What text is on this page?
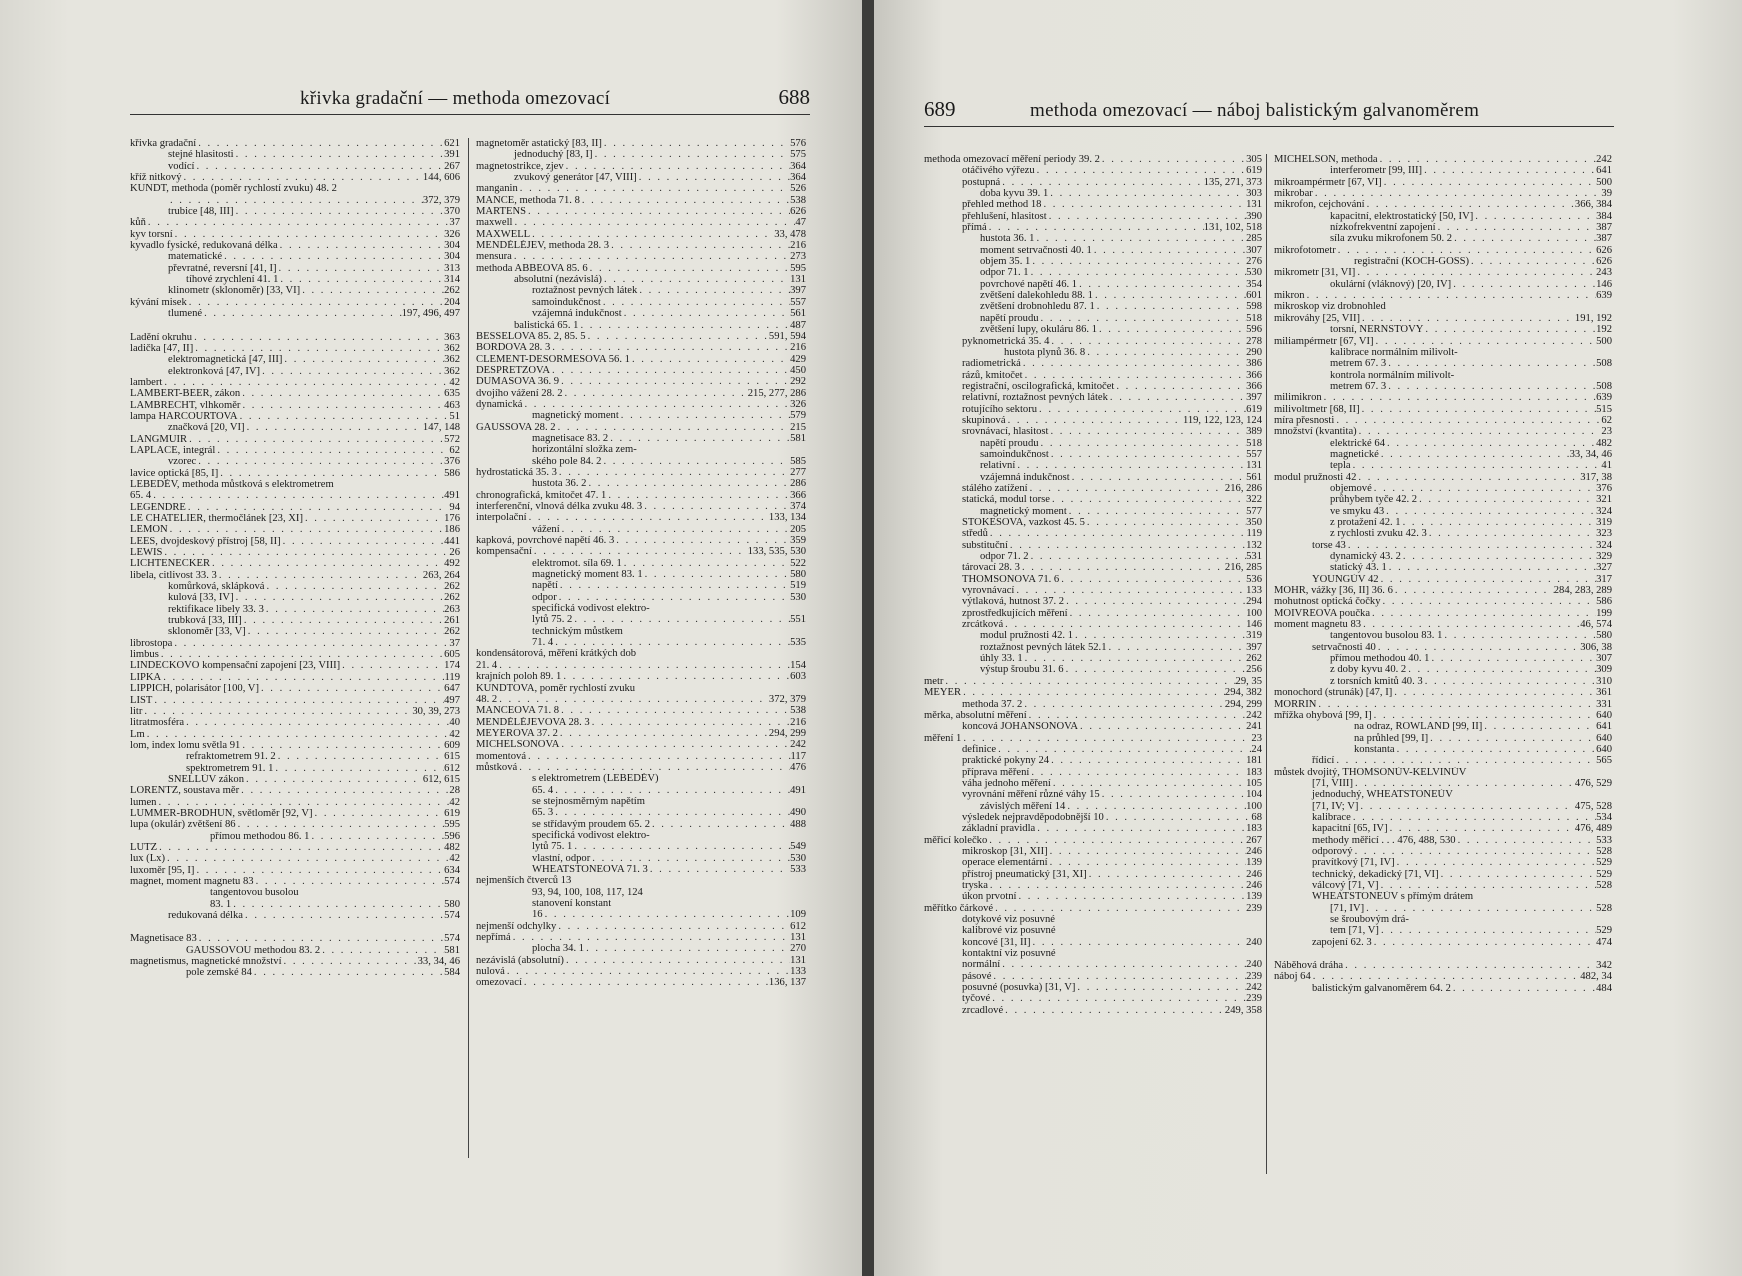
křivka gradační — methoda omezovací	688
křivka gradační . . .	621
stejné hlasitosti . . .	391
vodící . . .	267
kříž nitkový . . .	144, 606
KUNDT, methoda (poměr rychlostí zvuku) 48. 2
. . .
372, 379
trubice [48, III] . . .	370
kůň . . .	37
kyv torsní . . .	326
kyvadlo fysické, redukovaná délka . . .	304
matematické . . .	304
převratné, reversní [41, I] . . .	313
tíhové zrychlení 41. 1 . . .	314
klinometr (sklonoměr) [33, VI] . . .	262
kývání misek . . .	204
tlumené . . .	197, 496, 497
Ladění okruhu . . .	363
ladička [47, II] . . .	362
elektromagnetická [47, III] . . .	362
elektronková [47, IV] . . .	362
lambert . . .	42
LAMBERT-BEER, zákon . . .	635
LAMBRECHT, vlhkoměr . . .	463
lampa HARCOURTOVA . . .	51
značková [20, VI] . . .	147, 148
LANGMUIR . . .	572
LAPLACE, integrál . . .	62
vzorec . . .	376
lavice optická [85, I] . . .	586
LEBEDĚV, methoda můstková s elektrometrem
65. 4 . . .	491
LEGENDRE . . .	94
LE CHATELIER, thermočlánek [23, XI] . . .	176
LEMON . . .	186
LEES, dvojdeskový přístroj [58, II] . . .	441
LEWIS . . .	26
LICHTENECKER . . .	492
libela, citlivost 33. 3 . . .	263, 264
komůrková, sklápková . . .	262
kulová [33, IV] . . .	262
rektifikace libely 33. 3 . . .	263
trubková [33, III] . . .	261
sklonoměr [33, V] . . .	262
librostopa . . .	37
limbus . . .	605
LINDECKOVO kompensační zapojení [23, VIII] . . .	174
LIPKA . . .	119
LIPPICH, polarisátor [100, V] . . .	647
LIST . . .	497
litr . . .	30, 39, 273
litratmosféra . . .	40
Lm . . .	42
lom, index lomu světla 91 . . .	609
refraktometrem 91. 2 . . .	615
spektrometrem 91. 1 . . .	612
SNELLŮV zákon . . .	612, 615
LORENTZ, soustava měr . . .	28
lumen . . .	42
LUMMER-BRODHUN, světloměr [92, V] . . .	619
lupa (okulár) zvětšení 86 . . .	595
přímou methodou 86. 1 . . .	596
LUTZ . . .	482
lux (Lx) . . .	42
luxoměr [95, I] . . .	634
magnet, moment magnetu 83 . . .	574
tangentovou busolou
83. 1 . . .	580
redukovaná délka . . .	574
Magnetisace 83 . . .	574
GAUSSOVOU methodou 83. 2 . . .	581
magnetismus, magnetické množství . . .	33, 34, 46
pole zemské 84 . . .	584
magnetoměr astatický [83, II] . . .	576
jednoduchý [83, I] . . .	575
magnetostrikce, zjev . . .	364
zvukový generátor [47, VIII] . . .	364
manganin . . .	526
MANCE, methoda 71. 8 . . .	538
MARTENS . . .	626
maxwell . . .	47
MAXWELL . . .	33, 478
MENDĚLĚJEV, methoda 28. 3 . . .	216
mensura . . .	273
methoda ABBEOVA 85. 6 . . .	595
absolutní (nezávislá) . . .	131
roztažnost pevných látek . . .	397
samoindukčnost . . .	557
vzájemná indukčnost . . .	561
balistická 65. 1 . . .	487
BESSELOVA 85. 2, 85. 5 . . .	591, 594
BORDOVA 28. 3 . . .	216
CLEMENT-DESORMESOVA 56. 1 . . .	429
DESPRETZOVA . . .	450
DUMASOVA 36. 9 . . .	292
dvojího vážení 28. 2 . . .	215, 277, 286
dynamická . . .	326
magnetický moment . . .	579
GAUSSOVA 28. 2 . . .	215
magnetisace 83. 2 . . .	581
horizontální složka zem-
ského pole 84. 2 . . .	585
hydrostatická 35. 3 . . .	277
hustota 36. 2 . . .	286
chronografická, kmitočet 47. 1 . . .	366
interferenční, vlnová délka zvuku 48. 3 . . .	374
interpolační . . .	133, 134
vážení . . .	205
kapková, povrchové napětí 46. 3 . . .	359
kompensační . . .	133, 535, 530
elektromot. síla 69. 1 . . .	522
magnetický moment 83. 1 . . .	580
napětí . . .	519
odpor . . .	530
specifická vodivost elektro-
lytů 75. 2 . . .	551
technickým můstkem
71. 4 . . .	535
kondensátorová, měření krátkých dob
21. 4 . . .	154
krajních poloh 89. 1 . . .	603
KUNDTOVA, poměr rychlostí zvuku
48. 2 . . .	372, 379
MANCEOVA 71. 8 . . .	538
MENDĚLĚJEVOVA 28. 3 . . .	216
MEYEROVA 37. 2 . . .	294, 299
MICHELSONOVA . . .	242
momentová . . .	117
můstková . . .	476
s elektrometrem (LEBEDĚV)
65. 4 . . .	491
se stejnosměrným napětím
65. 3 . . .	490
se střídavým proudem 65. 2 . . .	488
specifická vodivost elektro-
lytů 75. 1 . . .	549
vlastní, odpor . . .	530
WHEATSTONEOVA 71. 3 . . .	533
nejmenších čtverců 13
93, 94, 100, 108, 117, 124
stanovení konstant
16 . . .	109
nejmenší odchylky . . .	612
nepřímá . . .	131
plocha 34. 1 . . .	270
nezávislá (absolutní) . . .	131
nulová . . .	133
omezovací . . .	136, 137
689	methoda omezovací — náboj balistickým galvanoměrem
methoda omezovací měření periody 39. 2 . . .	305
otáčivého výřezu . . .	619
postupná . . .	135, 271, 373
doba kyvu 39. 1 . . .	303
přehled method 18 . . .	131
přehlušení, hlasitost . . .	390
přímá . . .	131, 102, 518
hustota 36. 1 . . .	285
moment setrvačnosti 40. 1 . . .	307
objem 35. 1 . . .	276
odpor 71. 1 . . .	530
povrchové napětí 46. 1 . . .	354
zvětšení dalekohledu 88. 1 . . .	601
zvětšení drobnohledu 87. 1 . . .	598
napětí proudu . . .	518
zvětšení lupy, okuláru 86. 1 . . .	596
pyknometrická 35. 4 . . .	278
hustota plynů 36. 8 . . .	290
radiometrická . . .	386
rázů, kmitočet . . .	366
registrační, oscilografická, kmitočet . . .	366
relativní, roztažnost pevných látek . . .	397
rotujícího sektoru . . .	619
skupinová . . .	119, 122, 123, 124
srovnávací, hlasitost . . .	389
napětí proudu . . .	518
samoindukčnost . . .	557
relativní . . .	131
vzájemná indukčnost . . .	561
stálého zatížení . . .	216, 286
statická, modul torse . . .	322
magnetický moment . . .	577
STOKESOVA, vazkost 45. 5 . . .	350
středů . . .	119
substituční . . .	132
odpor 71. 2 . . .	531
tárovací 28. 3 . . .	216, 285
THOMSONOVA 71. 6 . . .	536
vyrovnávací . . .	133
výtlaková, hutnost 37. 2 . . .	294
zprostředkujících měření . . .	100
zrcátková . . .	146
modul pružnosti 42. 1 . . .	319
roztažnost pevných látek 52.1 . . .	397
úhly 33. 1 . . .	262
výstup šroubu 31. 6 . . .	256
metr . . .	29, 35
MEYER . . .	294, 382
methoda 37. 2 . . .	294, 299
měrka, absolutní měření . . .	242
koncová JOHANSONOVA . . .	241
měření 1 . . .	23
definice . . .	24
praktické pokyny 24 . . .	181
příprava měření . . .	183
váha jednoho měření . . .	105
vyrovnání měření různé váhy 15 . . .	104
závislých měření 14 . . .	100
výsledek nejpravděpodobnější 10 . . .	68
základní pravidla . . .	183
měřicí kolečko . . .	267
mikroskop [31, XII] . . .	246
operace elementární . . .	139
přístroj pneumatický [31, XI] . . .	246
tryska . . .	246
úkon prvotní . . .	139
měřítko čárkové . . .	239
dotykové viz posuvné
kalibrové viz posuvné
koncové [31, II] . . .	240
kontaktní viz posuvné
normální . . .	240
pásové . . .	239
posuvné (posuvka) [31, V] . . .	242
tyčové . . .	239
zrcadlové . . .	249, 358
MICHELSON, methoda . . .	242
interferometr [99, III] . . .	641
mikroampérmetr [67, VI] . . .	500
mikrobar . . .	39
mikrofon, cejchování . . .	366, 384
kapacitní, elektrostatický [50, IV] . . .	384
nízkofrekventní zapojení . . .	387
síla zvuku mikrofonem 50. 2 . . .	387
mikrofotometr . . .	626
registrační (KOCH-GOSS) . . .	626
mikrometr [31, VI] . . .	243
okulární (vláknový) [20, IV] . . .	146
mikron . . .	639
mikroskop viz drobnohled
mikrováhy [25, VII] . . .	191, 192
torsní, NERNSTOVY . . .	192
miliampérmetr [67, VI] . . .	500
kalibrace normálním milivolt-
metrem 67. 3 . . .	508
kontrola normálním milivolt-
metrem 67. 3 . . .	508
milimikron . . .	639
milivoltmetr [68, II] . . .	515
míra přesnosti . . .	62
množství (kvantita) . . .	23
elektrické 64 . . .	482
magnetické . . .	33, 34, 46
tepla . . .	41
modul pružnosti 42 . . .	317, 38
objemové . . .	376
průhybem tyče 42. 2 . . .	321
ve smyku 43 . . .	324
z protažení 42. 1 . . .	319
z rychlosti zvuku 42. 3 . . .	323
torse 43 . . .	324
dynamický 43. 2 . . .	329
statický 43. 1 . . .	327
YOUNGŮV 42 . . .	317
MOHR, vážky [36, II] 36. 6 . . .	284, 283, 289
mohutnost optická čočky . . .	586
MOIVREOVA poučka . . .	199
moment magnetu 83 . . .	46, 574
tangentovou busolou 83. 1 . . .	580
setrvačnosti 40 . . .	306, 38
přímou methodou 40. 1 . . .	307
z doby kyvu 40. 2 . . .	309
z torsních kmitů 40. 3 . . .	310
monochord (strunák) [47, I] . . .	361
MORRIN . . .	331
mřížka ohybová [99, I] . . .	640
na odraz, ROWLAND [99, II] . . .	641
na průhled [99, I] . . .	640
konstanta . . .	640
řídicí . . .	565
můstek dvojitý, THOMSONŮV-KELVINŮV
[71, VIII] . . .	476, 529
jednoduchý, WHEATSTONEŮV
[71, IV; V] . . .	475, 528
kalibrace . . .	534
kapacitní [65, IV] . . .	476, 489
methody měřicí . . . 476, 488, 530 . . .	533
odporový . . .	528
pravítkový [71, IV] . . .	529
technický, dekadický [71, VI] . . .	529
válcový [71, V] . . .	528
WHEATSTONEŮV s přímým drátem
[71, IV] . . .	528
se šroubovým drá-
tem [71, V] . . .	529
zapojení 62. 3 . . .	474
Náběhová dráha . . .	342
náboj 64 . . .	482, 34
balistickým galvanoměrem 64. 2 . . .	484
